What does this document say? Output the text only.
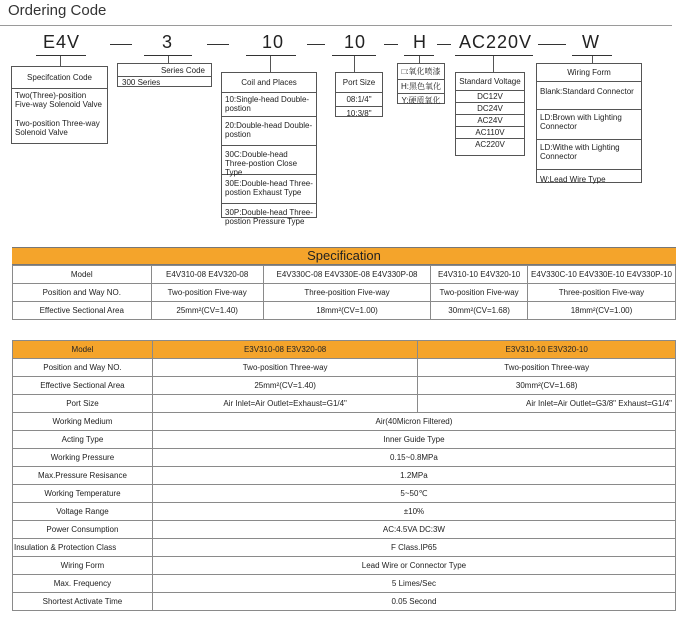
Ordering Code
E4V	3	10	10	H AC220V	W
Specifcation Code
Two(Three)-position Five-way Solenoid Valve
Two-position Three-way Solenoid Valve
Series Code
300 Series	Coil and Places
10:Single-head Double-postion
20:Double-head Double-postion
30C:Double-head Three-postion Close Type
30E:Double-head Three-postion Exhaust Type
30P:Double-head Three-postion Pressure Type
Port Size
08:1/4"
10:3/8"
□:氧化喷漆
H:黑色氧化
Y:硬质氧化
Standard Voltage
DC12V
DC24V
AC24V
AC110V
AC220V
Wiring Form
Blank:Standard Connector
LD:Brown with Lighting Connector
LD:Withe with Lighting Connector
W:Lead Wire Type
Specification
Model	E4V310-08 E4V320-08	E4V330C-08 E4V330E-08 E4V330P-08	E4V310-10 E4V320-10	E4V330C-10 E4V330E-10 E4V330P-10
Position and Way NO.	Two-position Five-way	Three-position Five-way	Two-position Five-way	Three-position Five-way
Effective Sectional Area	25mm²(CV=1.40)	18mm²(CV=1.00)	30mm²(CV=1.68)	18mm²(CV=1.00)
Model	E3V310-08 E3V320-08	E3V310-10 E3V320-10
Position and Way NO.	Two-position Three-way	Two-position Three-way
Effective Sectional Area	25mm²(CV=1.40)	30mm²(CV=1.68)
Port Size	Air Inlet=Air Outlet=Exhaust=G1/4"	Air Inlet=Air Outlet=G3/8" Exhaust=G1/4"
Working Medium	Air(40Micron Filtered)	
Acting Type	Inner Guide Type	
Working Pressure	0.15~0.8MPa	
Max.Pressure Resisance	1.2MPa	
Working Temperature	5~50℃	
Voltage Range	±10%	
Power Consumption	AC:4.5VA DC:3W	
Insulation & Protection Class	F Class.IP65	
Wiring Form	Lead Wire or Connector Type	
Max. Frequency	5 Limes/Sec	
Shortest Activate Time	0.05 Second	
